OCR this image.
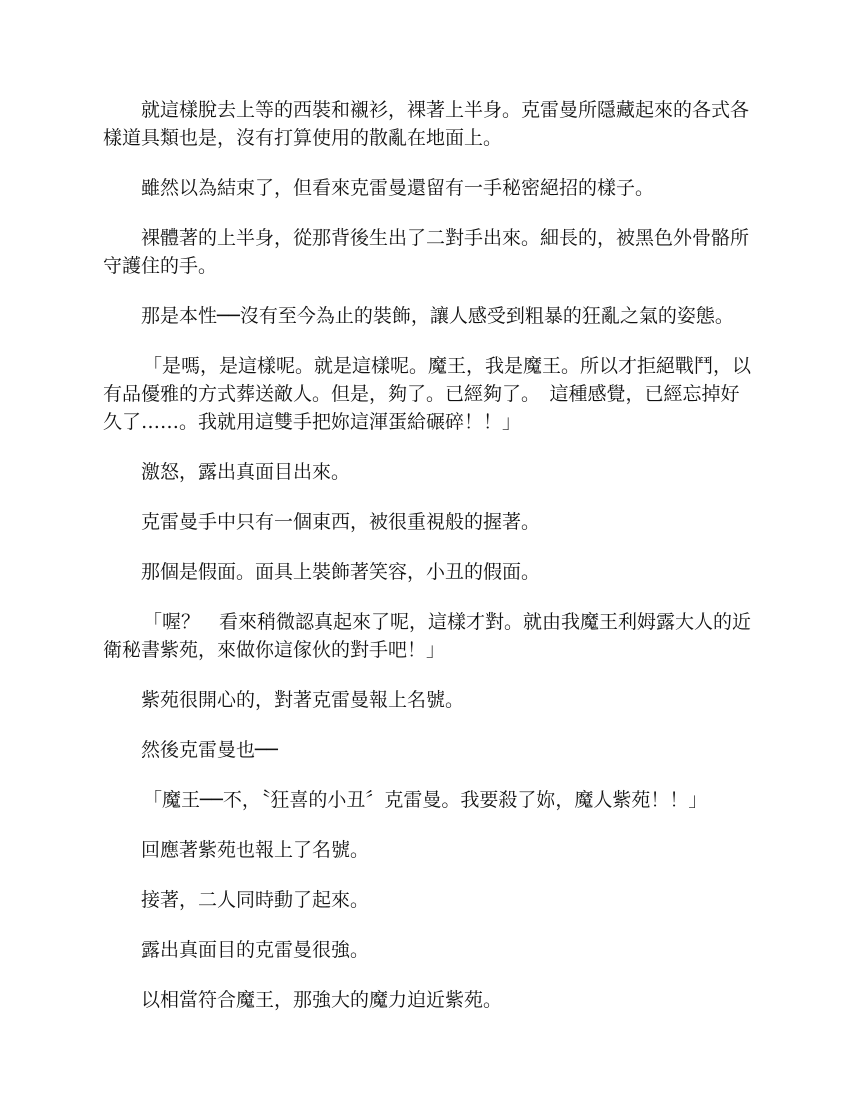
就這樣脫去上等的西裝和襯衫，裸著上半身。克雷曼所隱藏起來的各式各樣道具類也是，沒有打算使用的散亂在地面上。

雖然以為結束了，但看來克雷曼還留有一手秘密絕招的樣子。

裸體著的上半身，從那背後生出了二對手出來。細長的，被黑色外骨骼所守護住的手。

那是本性──沒有至今為止的裝飾，讓人感受到粗暴的狂亂之氣的姿態。

「是嗎，是這樣呢。就是這樣呢。魔王，我是魔王。所以才拒絕戰鬥，以有品優雅的方式葬送敵人。但是，夠了。已經夠了。　這種感覺，已經忘掉好久了……。我就用這雙手把妳這渾蛋給碾碎！！」

激怒，露出真面目出來。

克雷曼手中只有一個東西，被很重視般的握著。

那個是假面。面具上裝飾著笑容，小丑的假面。

「喔？　看來稍微認真起來了呢，這樣才對。就由我魔王利姆露大人的近衛秘書紫苑，來做你這傢伙的對手吧！」

紫苑很開心的，對著克雷曼報上名號。

然後克雷曼也──

「魔王──不，〝狂喜的小丑〞克雷曼。我要殺了妳，魔人紫苑！！」

回應著紫苑也報上了名號。

接著，二人同時動了起來。

露出真面目的克雷曼很強。

以相當符合魔王，那強大的魔力迫近紫苑。
